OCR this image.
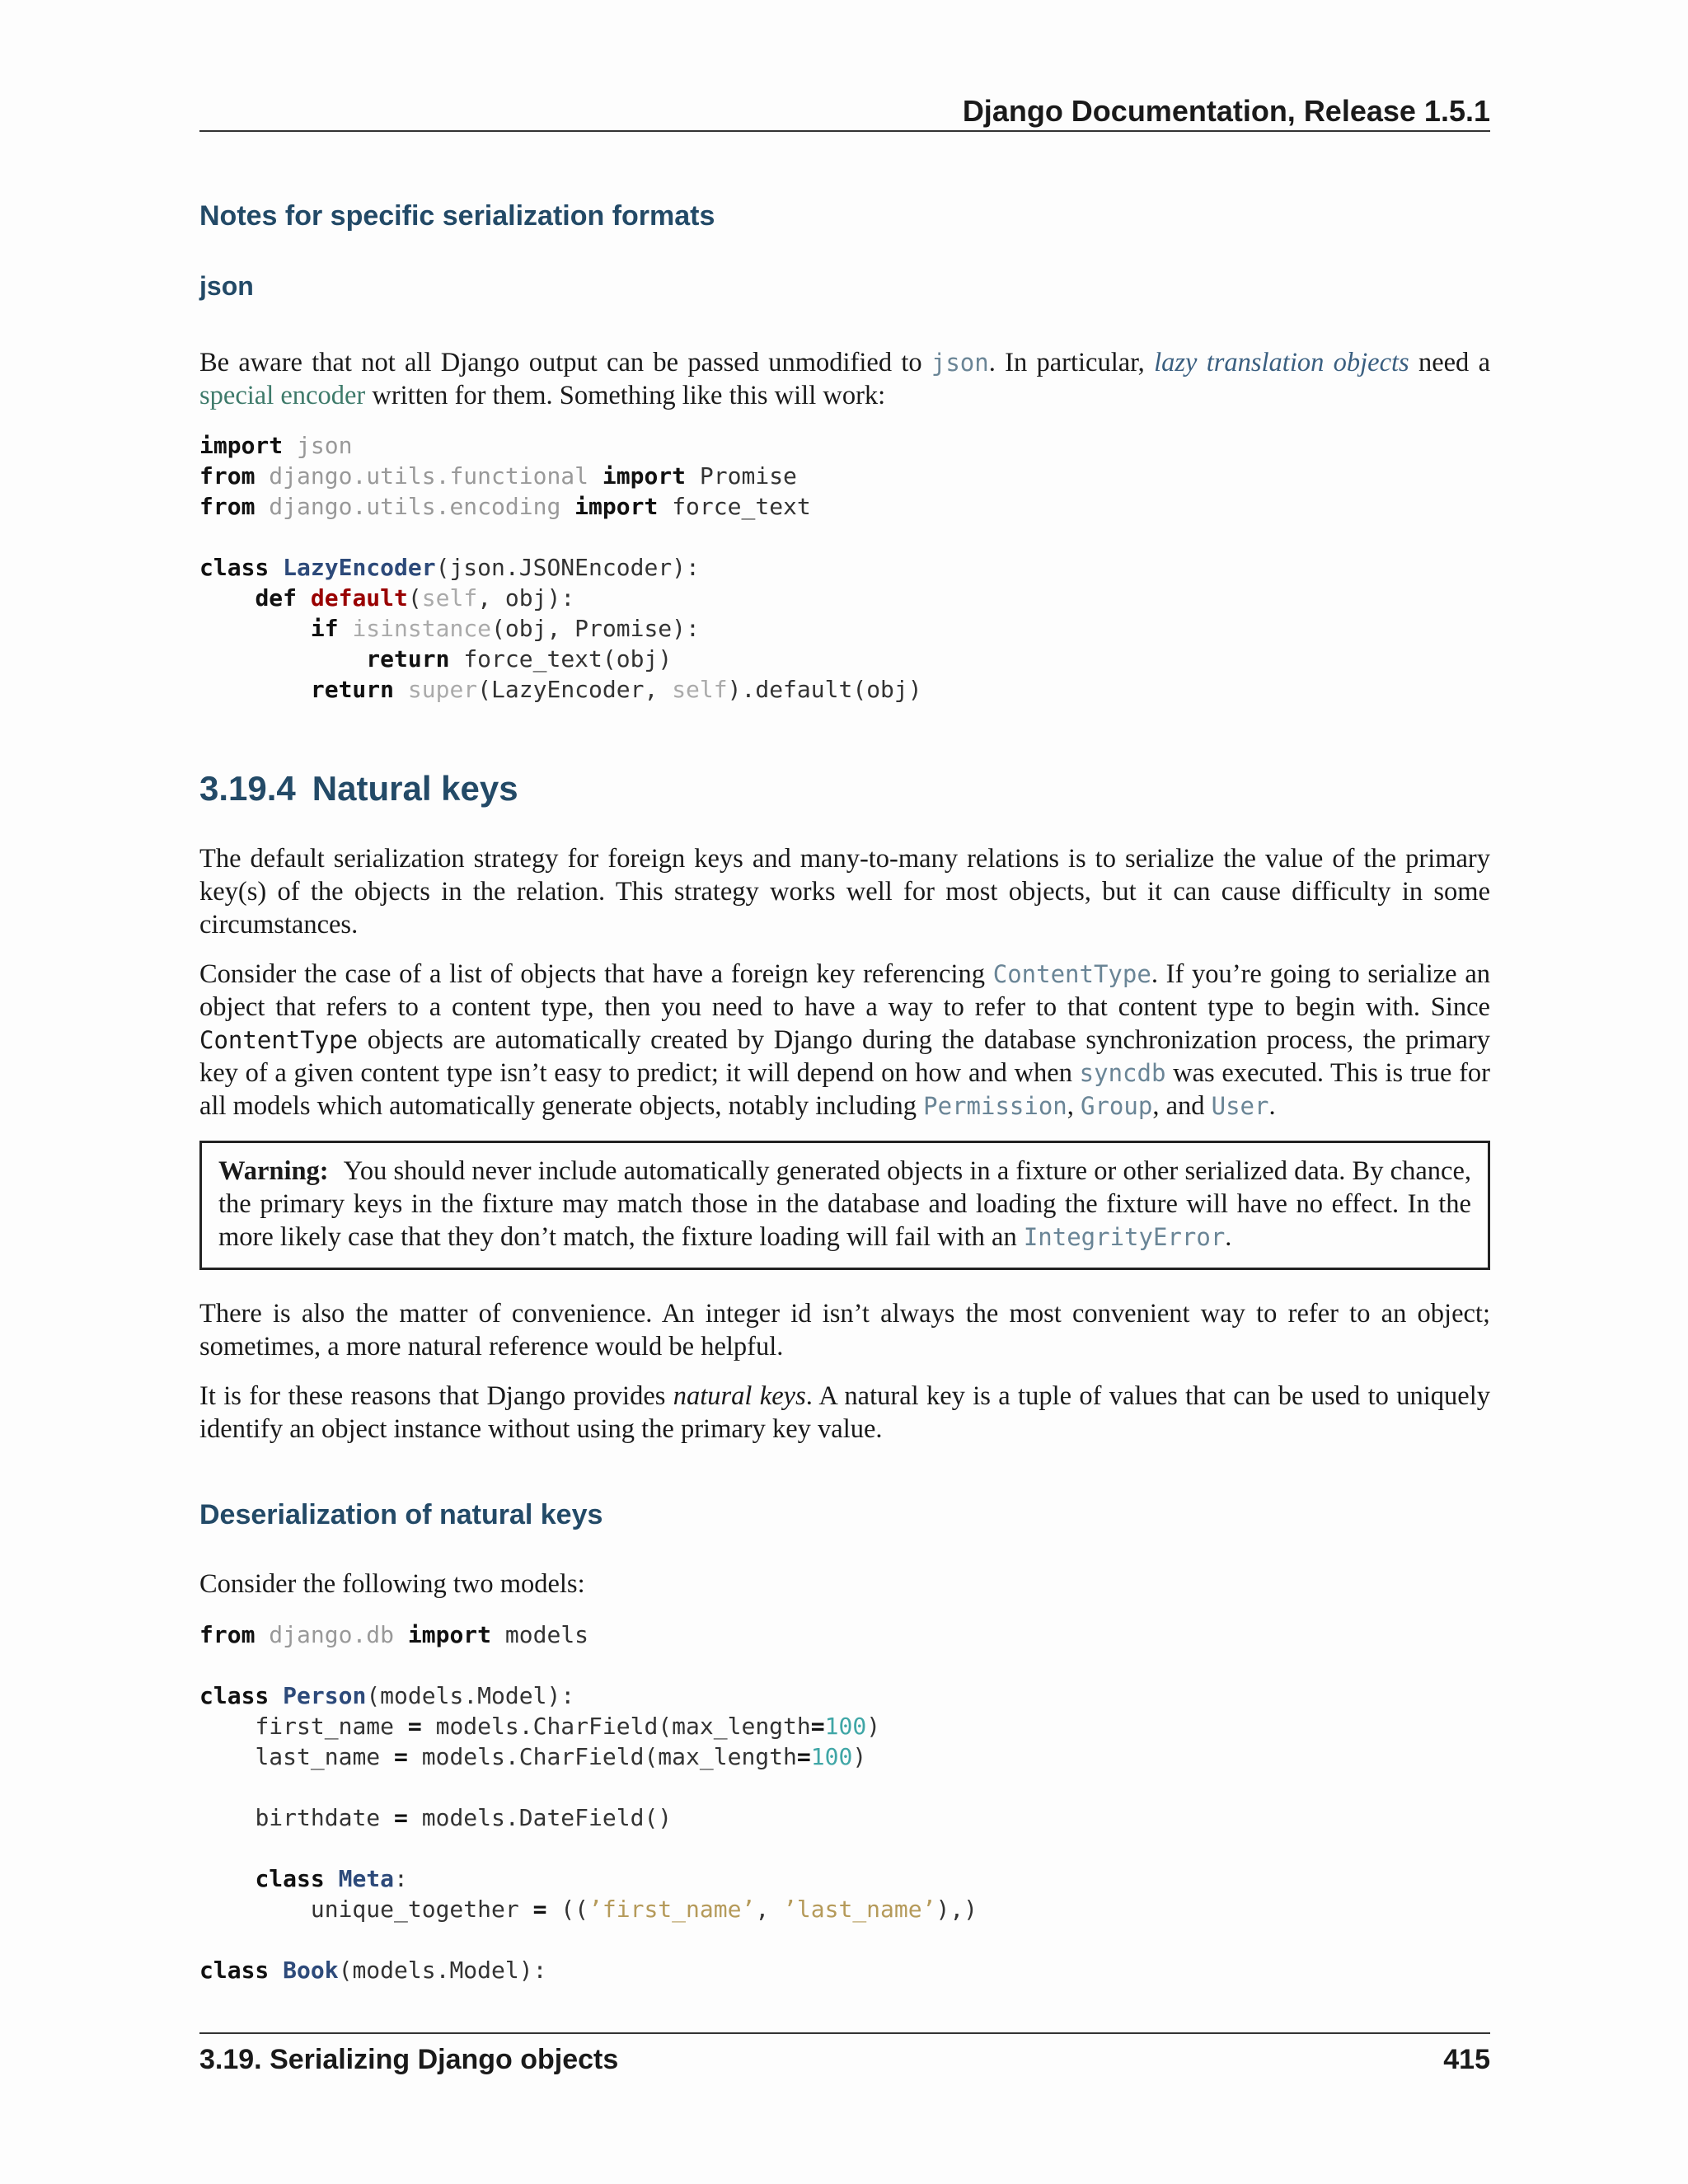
Django Documentation, Release 1.5.1
Notes for specific serialization formats
json

Be aware that not all Django output can be passed unmodified to json. In particular, lazy translation objects need a special encoder written for them. Something like this will work:

import json
from django.utils.functional import Promise
from django.utils.encoding import force_text

class LazyEncoder(json.JSONEncoder):
def default(self, obj):
if isinstance(obj, Promise):
return force_text(obj)
return super(LazyEncoder, self).default(obj)
3.19.4 Natural keys

The default serialization strategy for foreign keys and many-to-many relations is to serialize the value of the primary key(s) of the objects in the relation. This strategy works well for most objects, but it can cause difficulty in some circumstances.

Consider the case of a list of objects that have a foreign key referencing ContentType. If you’re going to serialize an object that refers to a content type, then you need to have a way to refer to that content type to begin with. Since ContentType objects are automatically created by Django during the database synchronization process, the primary key of a given content type isn’t easy to predict; it will depend on how and when syncdb was executed. This is true for all models which automatically generate objects, notably including Permission, Group, and User.

Warning: You should never include automatically generated objects in a fixture or other serialized data. By chance, the primary keys in the fixture may match those in the database and loading the fixture will have no effect. In the more likely case that they don’t match, the fixture loading will fail with an IntegrityError.

There is also the matter of convenience. An integer id isn’t always the most convenient way to refer to an object; sometimes, a more natural reference would be helpful.

It is for these reasons that Django provides natural keys. A natural key is a tuple of values that can be used to uniquely identify an object instance without using the primary key value.

Deserialization of natural keys

Consider the following two models:

from django.db import models

class Person(models.Model):
first_name = models.CharField(max_length=100)
last_name = models.CharField(max_length=100)

birthdate = models.DateField()

class Meta:
unique_together = ((’first_name’, ’last_name’),)

class Book(models.Model):
3.19. Serializing Django objects	415
